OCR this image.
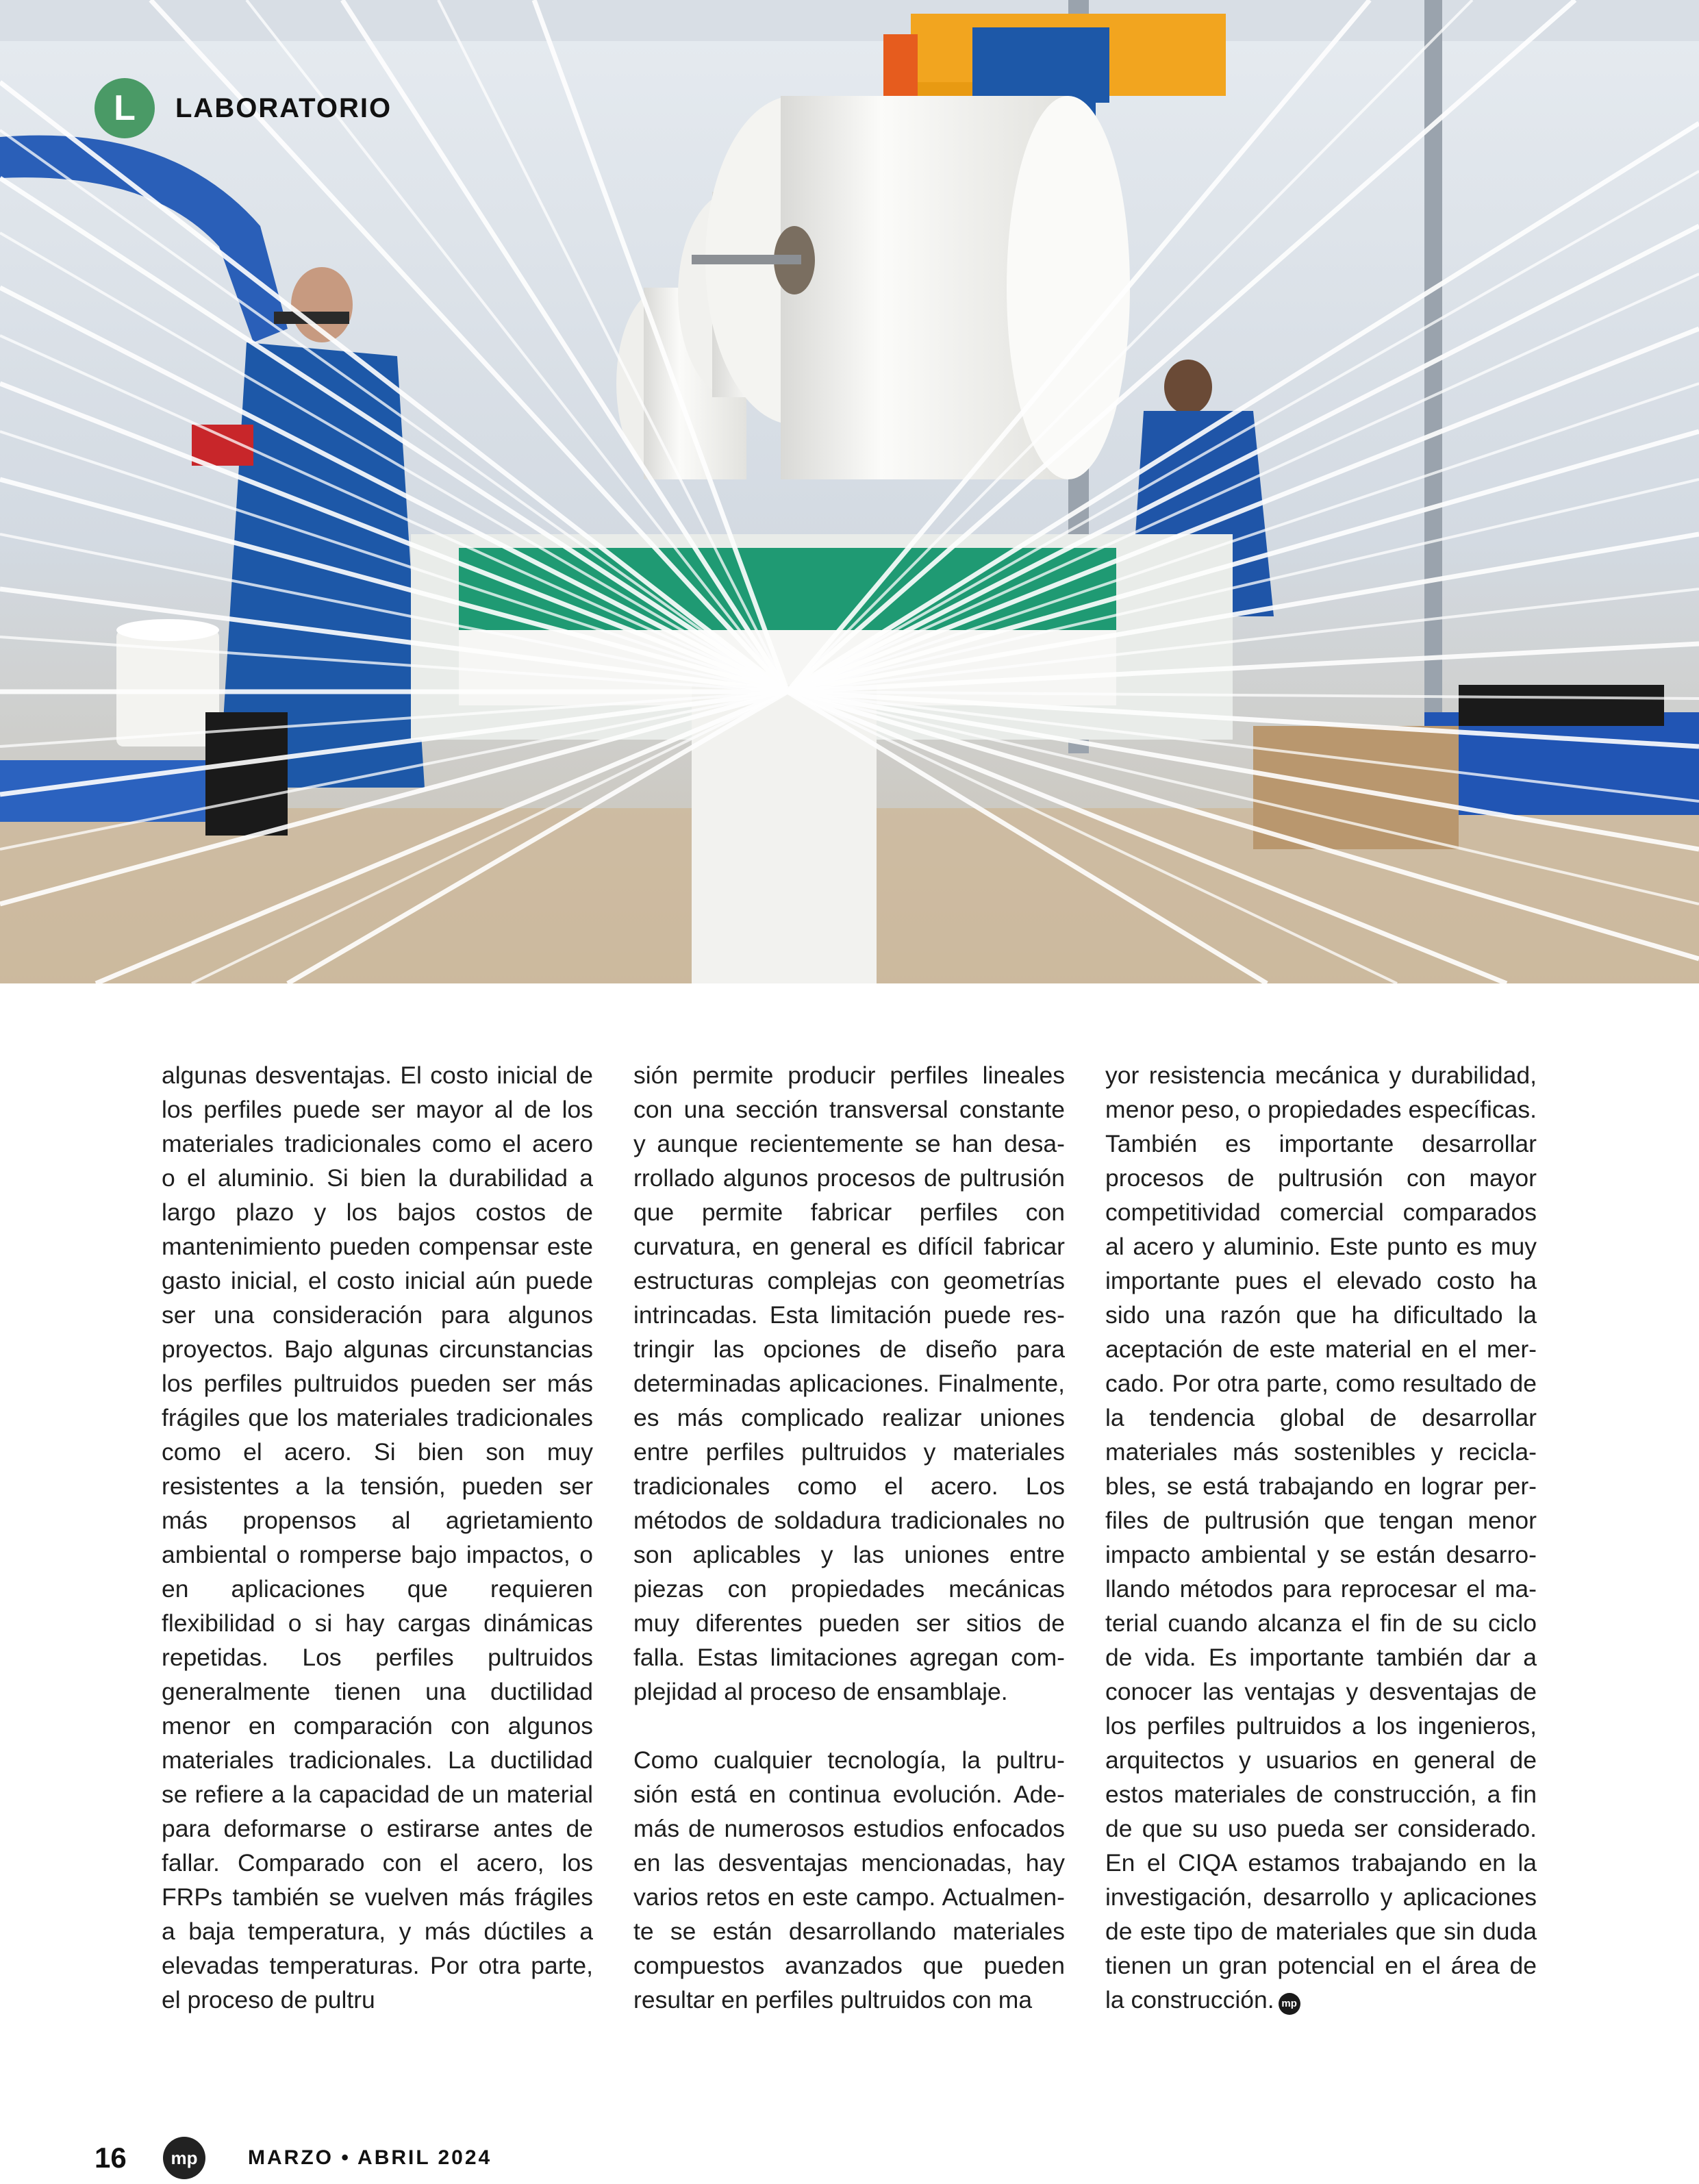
L	LABORATORIO

algunas desventajas. El costo inicial de los perfiles puede ser mayor al de los materiales tradicionales como el acero o el aluminio. Si bien la durabilidad a largo plazo y los bajos costos de mantenimiento pueden compensar este gasto inicial, el costo inicial aún puede ser una consideración para algunos proyectos. Bajo algunas circunstancias los perfiles pultruidos pueden ser más frágiles que los materiales tradicionales como el acero. Si bien son muy resistentes a la tensión, pueden ser más propensos al agrietamiento ambiental o romperse bajo impactos, o en aplicaciones que requieren flexibilidad o si hay cargas dinámicas repetidas. Los perfiles pultruidos generalmente tienen una ductilidad menor en comparación con algunos materiales tradicionales. La ductilidad se refiere a la capacidad de un material para deformarse o estirarse antes de fallar. Comparado con el acero, los FRPs también se vuelven más frágiles a baja temperatura, y más dúctiles a elevadas temperaturas. Por otra parte, el proceso de pultru

sión permite producir perfiles lineales con una sección transversal constante y aunque recientemente se han desarrollado algunos procesos de pultrusión que permite fabricar perfiles con curvatura, en general es difícil fabricar estructuras complejas con geometrías intrincadas. Esta limitación puede restringir las opciones de diseño para determinadas aplicaciones. Finalmente, es más complicado realizar uniones entre perfiles pultruidos y materiales tradicionales como el acero. Los métodos de soldadura tradicionales no son aplicables y las uniones entre piezas con propiedades mecánicas muy diferentes pueden ser sitios de falla. Estas limitaciones agregan complejidad al proceso de ensamblaje.

Como cualquier tecnología, la pultrusión está en continua evolución. Además de numerosos estudios enfocados en las desventajas mencionadas, hay varios retos en este campo. Actualmente se están desarrollando materiales compuestos avanzados que pueden resultar en perfiles pultruidos con ma

yor resistencia mecánica y durabilidad, menor peso, o propiedades específicas. También es importante desarrollar procesos de pultrusión con mayor competitividad comercial comparados al acero y aluminio. Este punto es muy importante pues el elevado costo ha sido una razón que ha dificultado la aceptación de este material en el mercado. Por otra parte, como resultado de la tendencia global de desarrollar materiales más sostenibles y reciclables, se está trabajando en lograr perfiles de pultrusión que tengan menor impacto ambiental y se están desarrollando métodos para reprocesar el material cuando alcanza el fin de su ciclo de vida. Es importante también dar a conocer las ventajas y desventajas de los perfiles pultruidos a los ingenieros, arquitectos y usuarios en general de estos materiales de construcción, a fin de que su uso pueda ser considerado. En el CIQA estamos trabajando en la investigación, desarrollo y aplicaciones de este tipo de materiales que sin duda tienen un gran potencial en el área de la construcción. mp

16	mp	MARZO • ABRIL 2024
